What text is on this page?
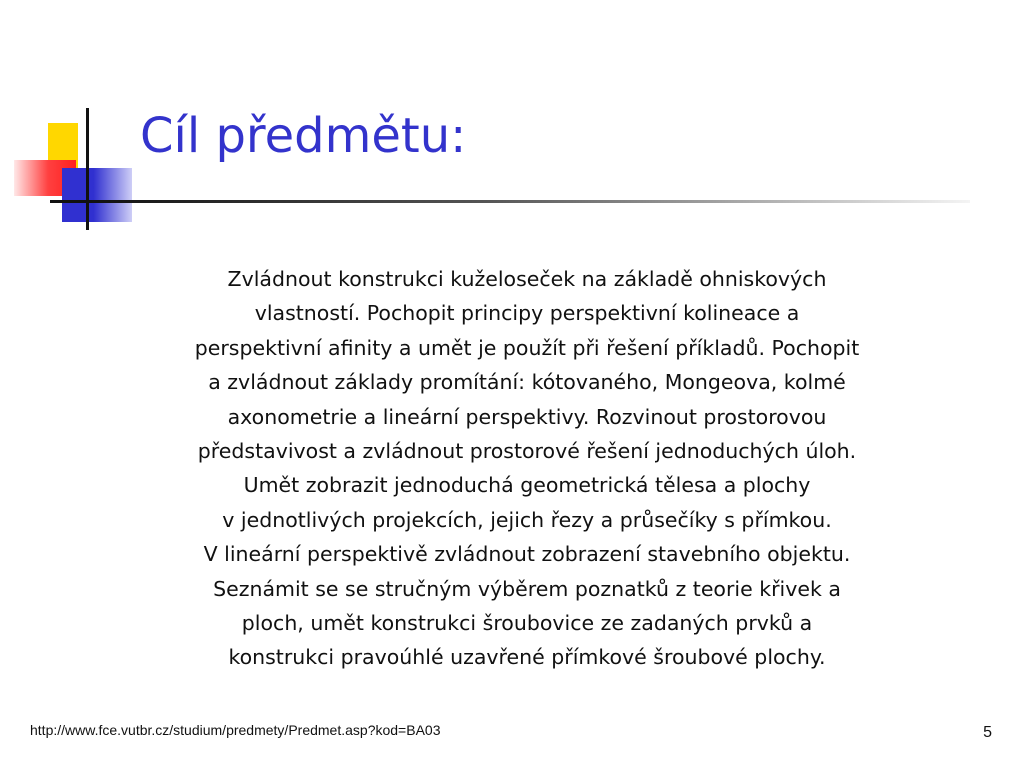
Cíl předmětu:
Zvládnout konstrukci kuželoseček na základě ohniskových
vlastností. Pochopit principy perspektivní kolineace a
perspektivní afinity a umět je použít při řešení příkladů. Pochopit
a zvládnout základy promítání: kótovaného, Mongeova, kolmé
axonometrie a lineární perspektivy. Rozvinout prostorovou
představivost a zvládnout prostorové řešení jednoduchých úloh.
Umět zobrazit jednoduchá geometrická tělesa a plochy
v jednotlivých projekcích, jejich řezy a průsečíky s přímkou.
V lineární perspektivě zvládnout zobrazení stavebního objektu.
Seznámit se se stručným výběrem poznatků z teorie křivek a
ploch, umět konstrukci šroubovice ze zadaných prvků a
konstrukci pravoúhlé uzavřené přímkové šroubové plochy.
http://www.fce.vutbr.cz/studium/predmety/Predmet.asp?kod=BA03	5
